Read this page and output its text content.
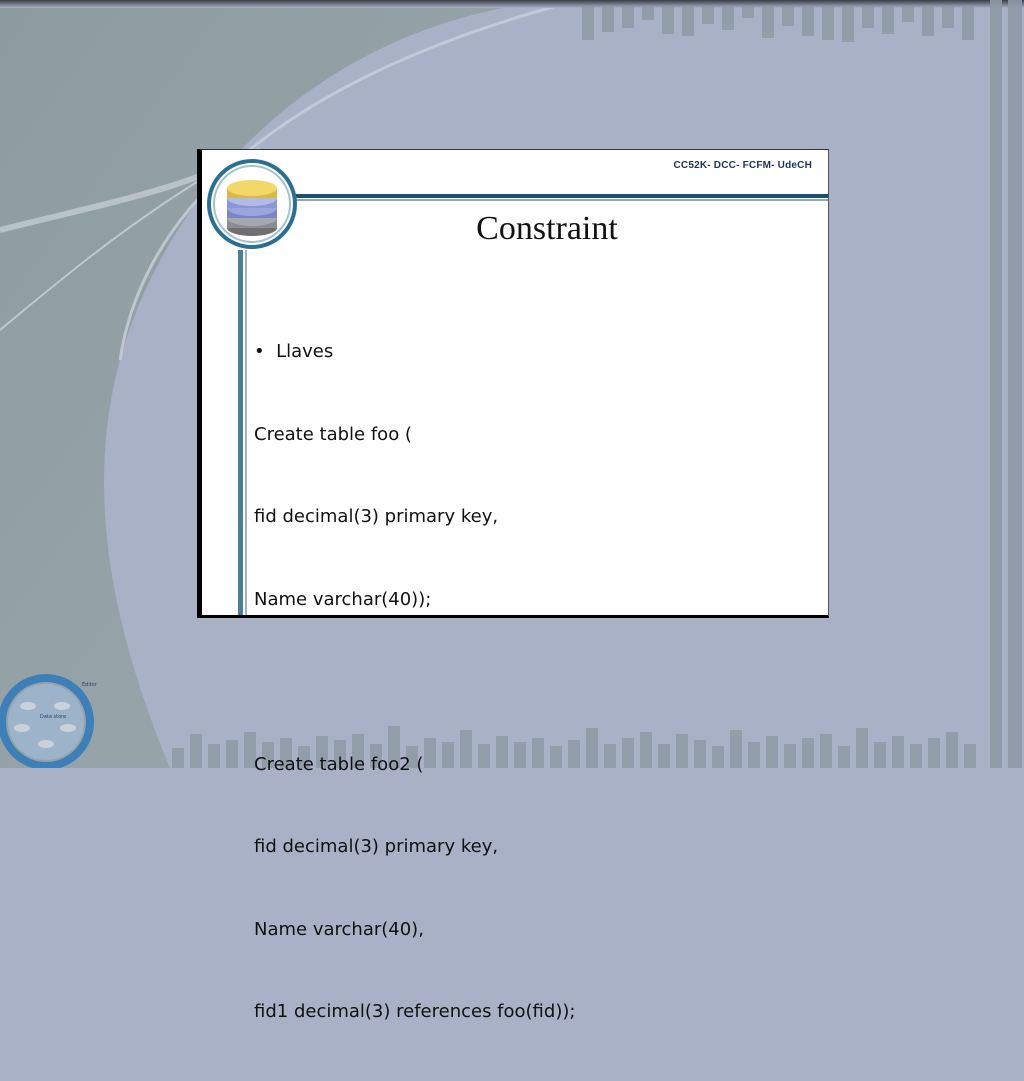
Data store
Editor
CC52K- DCC- FCFM- UdeCH
Constraint

•  Llaves

Create table foo (

fid decimal(3) primary key,

Name varchar(40));

Create table foo2 (

fid decimal(3) primary key,

Name varchar(40),

fid1 decimal(3) references foo(fid));
